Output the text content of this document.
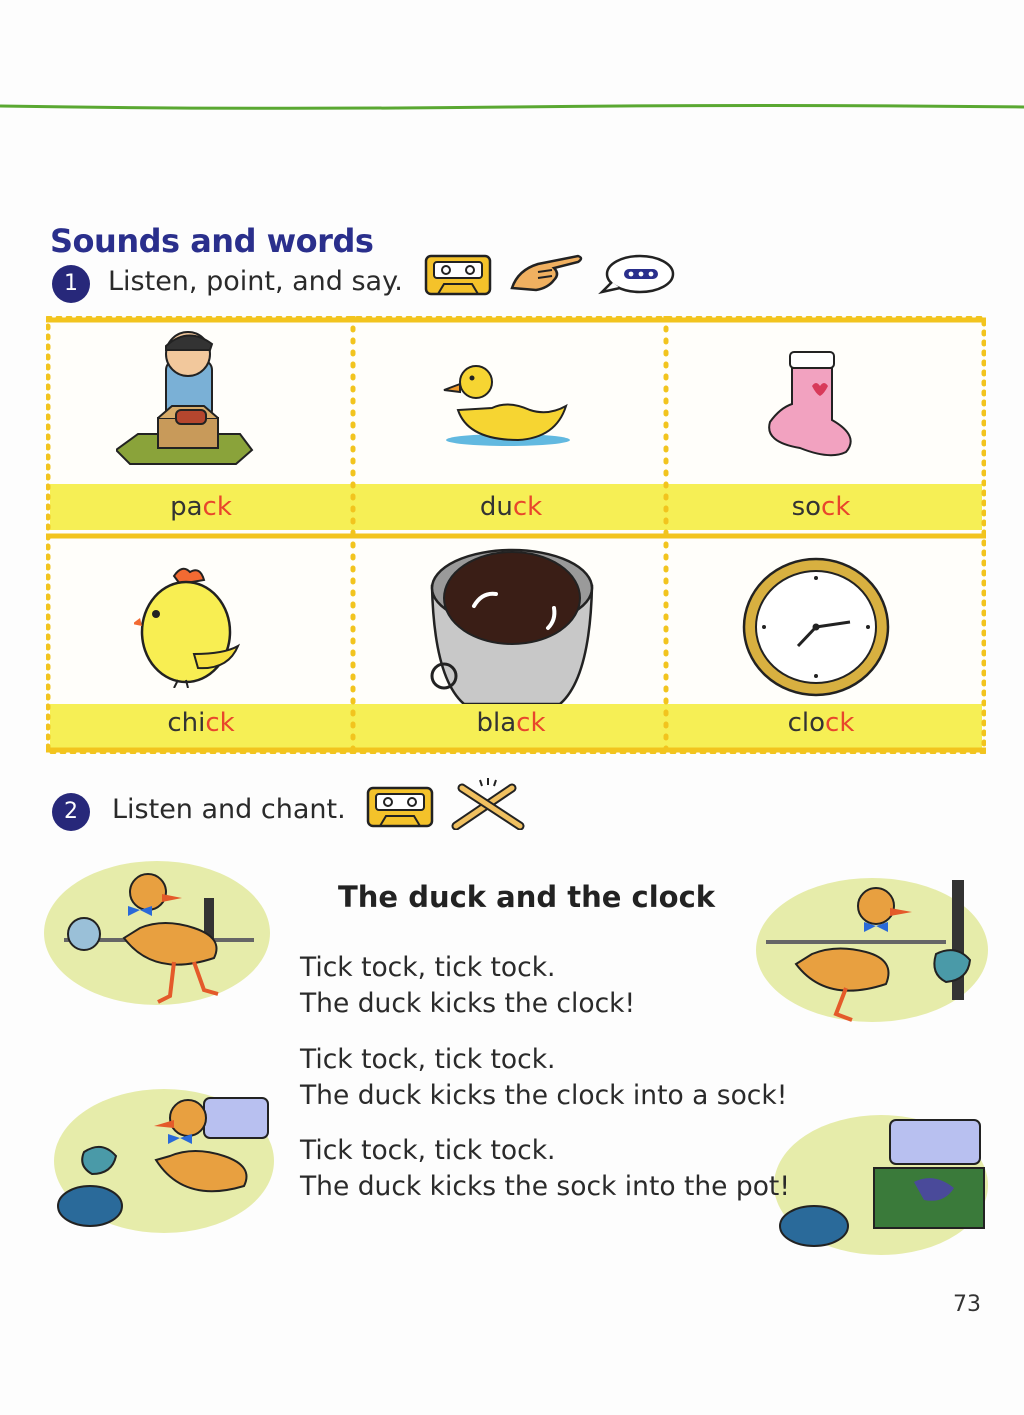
Sounds and words
1	Listen, point, and say.
pack	duck	sock
chick	black	clock
2	Listen and chant.
The duck and the clock
Tick tock, tick tock.
The duck kicks the clock!
Tick tock, tick tock.
The duck kicks the clock into a sock!
Tick tock, tick tock.
The duck kicks the sock into the pot!
73
